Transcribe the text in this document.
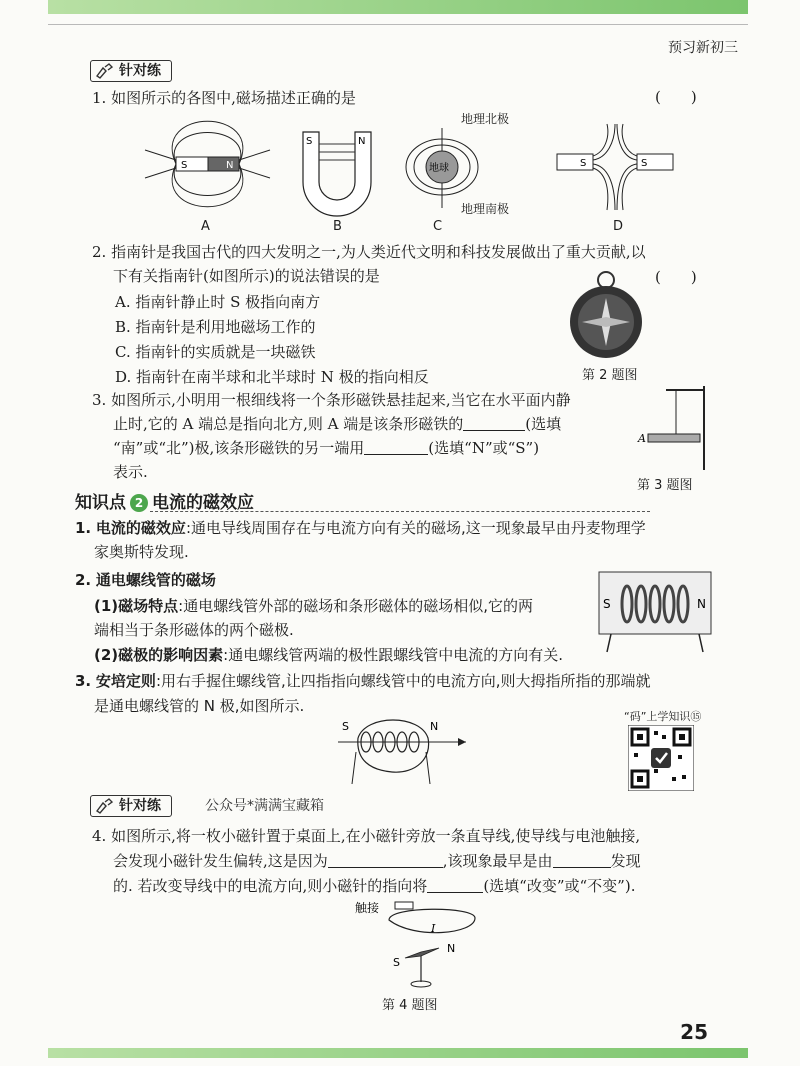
预习新初三
针对练
1. 如图所示的各图中,磁场描述正确的是	(　　)
S	N
A
S	N
B
地球
地理北极
地理南极
C
S	S
D
2. 指南针是我国古代的四大发明之一,为人类近代文明和科技发展做出了重大贡献,以
下有关指南针(如图所示)的说法错误的是	(　　)
A. 指南针静止时 S 极指向南方
B. 指南针是利用地磁场工作的
C. 指南针的实质就是一块磁铁
D. 指南针在南半球和北半球时 N 极的指向相反	第 2 题图
3. 如图所示,小明用一根细线将一个条形磁铁悬挂起来,当它在水平面内静
止时,它的 A 端总是指向北方,则 A 端是该条形磁铁的	(选填
“南”或“北”)极,该条形磁铁的另一端用	(选填“N”或“S”)
表示.
A
第 3 题图
知识点 2 电流的磁效应
1. 电流的磁效应:通电导线周围存在与电流方向有关的磁场,这一现象最早由丹麦物理学
家奥斯特发现.
2. 通电螺线管的磁场
(1)磁场特点:通电螺线管外部的磁场和条形磁体的磁场相似,它的两
端相当于条形磁体的两个磁极.
(2)磁极的影响因素:通电螺线管两端的极性跟螺线管中电流的方向有关.
S	N
3. 安培定则:用右手握住螺线管,让四指指向螺线管中的电流方向,则大拇指所指的那端就
是通电螺线管的 N 极,如图所示.
S	N
“码”上学知识⑮
针对练	公众号*满满宝藏箱
4. 如图所示,将一枚小磁针置于桌面上,在小磁针旁放一条直导线,使导线与电池触接,
会发现小磁针发生偏转,这是因为	,该现象最早是由	发现
的. 若改变导线中的电流方向,则小磁针的指向将	(选填“改变”或“不变”).
触接
I
S
N
第 4 题图
25
